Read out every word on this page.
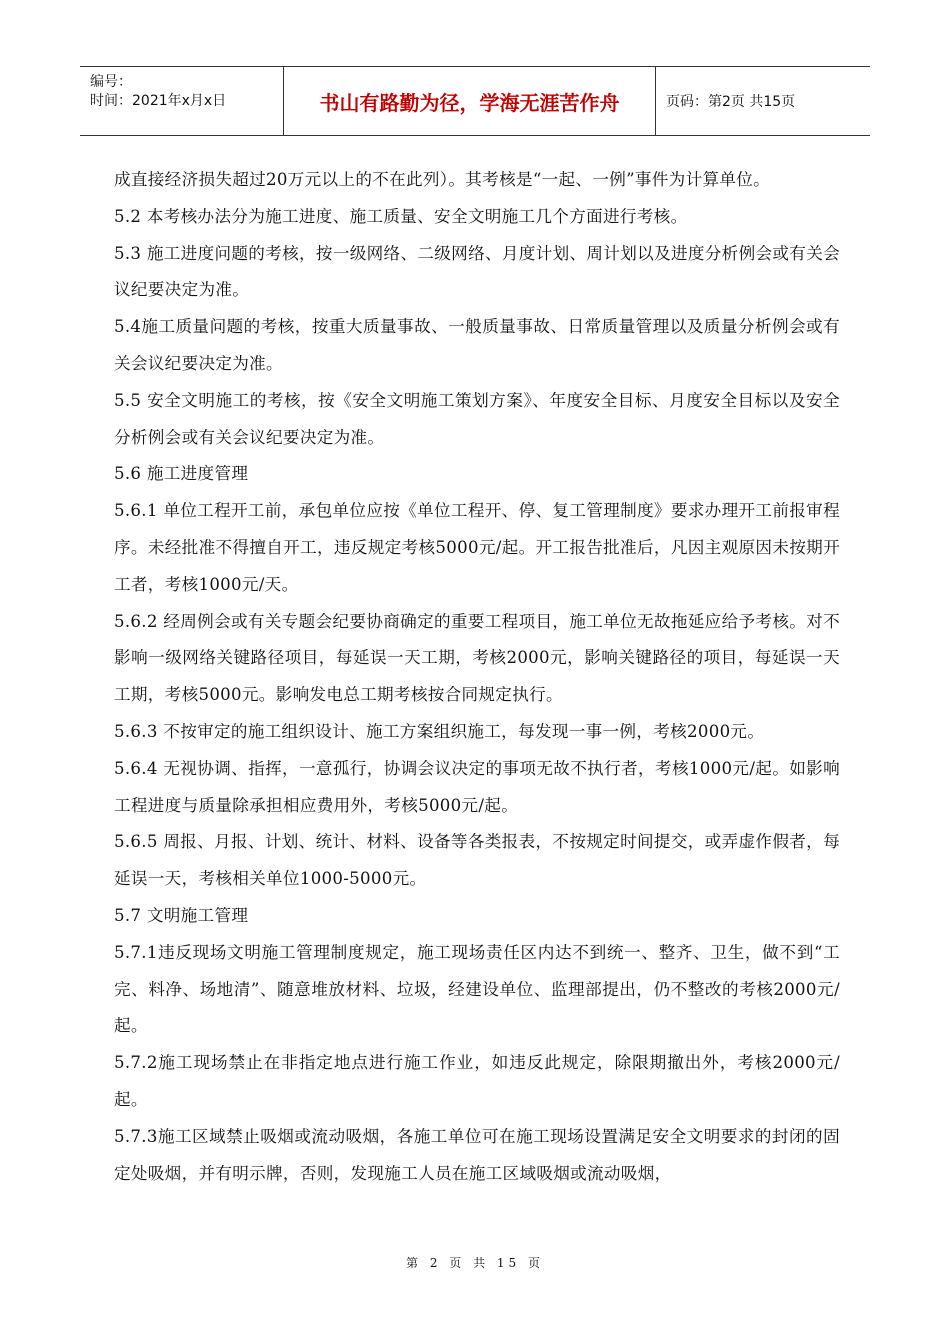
编号：
时间：2021年x月x日	书山有路勤为径，学海无涯苦作舟	页码：第2页 共15页

成直接经济损失超过20万元以上的不在此列）。其考核是“一起、一例”事件为计算单位。

5.2 本考核办法分为施工进度、施工质量、安全文明施工几个方面进行考核。

5.3 施工进度问题的考核，按一级网络、二级网络、月度计划、周计划以及进度分析例会或有关会议纪要决定为准。

5.4施工质量问题的考核，按重大质量事故、一般质量事故、日常质量管理以及质量分析例会或有关会议纪要决定为准。

5.5 安全文明施工的考核，按《安全文明施工策划方案》、年度安全目标、月度安全目标以及安全分析例会或有关会议纪要决定为准。

5.6 施工进度管理

5.6.1 单位工程开工前，承包单位应按《单位工程开、停、复工管理制度》要求办理开工前报审程序。未经批准不得擅自开工，违反规定考核5000元/起。开工报告批准后，凡因主观原因未按期开工者，考核1000元/天。

5.6.2 经周例会或有关专题会纪要协商确定的重要工程项目，施工单位无故拖延应给予考核。对不影响一级网络关键路径项目，每延误一天工期，考核2000元，影响关键路径的项目，每延误一天工期，考核5000元。影响发电总工期考核按合同规定执行。

5.6.3 不按审定的施工组织设计、施工方案组织施工，每发现一事一例，考核2000元。

5.6.4 无视协调、指挥，一意孤行，协调会议决定的事项无故不执行者，考核1000元/起。如影响工程进度与质量除承担相应费用外，考核5000元/起。

5.6.5 周报、月报、计划、统计、材料、设备等各类报表，不按规定时间提交，或弄虚作假者，每延误一天，考核相关单位1000-5000元。

5.7 文明施工管理

5.7.1违反现场文明施工管理制度规定，施工现场责任区内达不到统一、整齐、卫生，做不到“工完、料净、场地清”、随意堆放材料、垃圾，经建设单位、监理部提出，仍不整改的考核2000元/起。

5.7.2施工现场禁止在非指定地点进行施工作业，如违反此规定，除限期撤出外，考核2000元/起。

5.7.3施工区域禁止吸烟或流动吸烟，各施工单位可在施工现场设置满足安全文明要求的封闭的固定处吸烟，并有明示牌，否则，发现施工人员在施工区域吸烟或流动吸烟，

第 2 页 共 15 页
